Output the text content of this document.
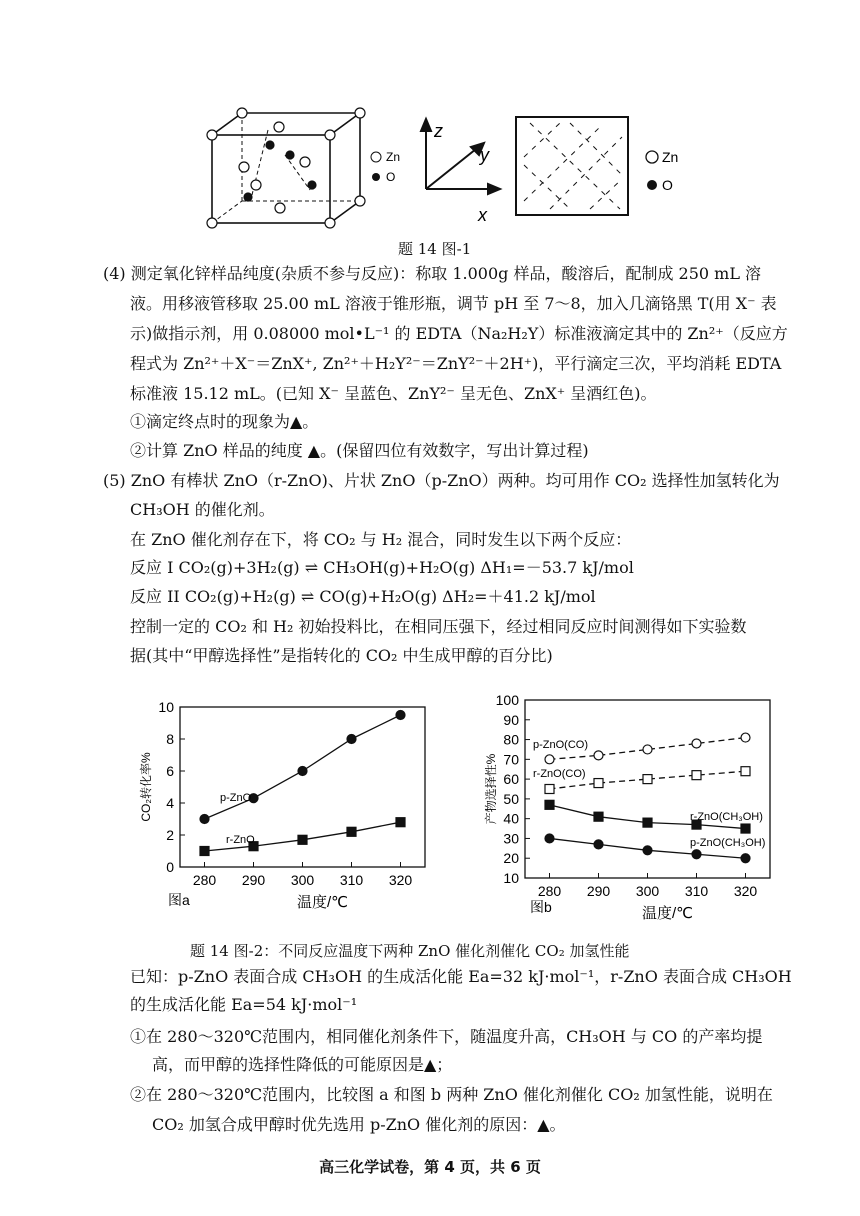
Zn
O
z
y
x
Zn
O
题 14 图-1
(4) 测定氧化锌样品纯度(杂质不参与反应)：称取 1.000g 样品，酸溶后，配制成 250 mL 溶
液。用移液管移取 25.00 mL 溶液于锥形瓶，调节 pH 至 7～8，加入几滴铬黑 T(用 X⁻ 表
示)做指示剂，用 0.08000 mol•L⁻¹ 的 EDTA（Na₂H₂Y）标准液滴定其中的 Zn²⁺（反应方
程式为 Zn²⁺＋X⁻＝ZnX⁺, Zn²⁺＋H₂Y²⁻＝ZnY²⁻＋2H⁺)，平行滴定三次，平均消耗 EDTA
标准液 15.12 mL。(已知 X⁻ 呈蓝色、ZnY²⁻ 呈无色、ZnX⁺ 呈酒红色)。
①滴定终点时的现象为▲。
②计算 ZnO 样品的纯度 ▲。(保留四位有效数字，写出计算过程)
(5) ZnO 有棒状 ZnO（r-ZnO)、片状 ZnO（p-ZnO）两种。均可用作 CO₂ 选择性加氢转化为
CH₃OH 的催化剂。
在 ZnO 催化剂存在下，将 CO₂ 与 H₂ 混合，同时发生以下两个反应：
反应 I CO₂(g)+3H₂(g) ⇌ CH₃OH(g)+H₂O(g) ΔH₁=－53.7 kJ/mol
反应 II CO₂(g)+H₂(g) ⇌ CO(g)+H₂O(g) ΔH₂=＋41.2 kJ/mol
控制一定的 CO₂ 和 H₂ 初始投料比，在相同压强下，经过相同反应时间测得如下实验数
据(其中“甲醇选择性”是指转化的 CO₂ 中生成甲醇的百分比)
0
2
4
6
8
10
280 290 300 310 320
CO₂转化率%
温度/℃
图a
p-ZnO
r-ZnO
10
20
30
40
50
60
70
80
90
100
280 290 300 310 320
产物选择性%
温度/℃
图b
p-ZnO(CO)
r-ZnO(CO)
r-ZnO(CH₃OH)
p-ZnO(CH₃OH)
题 14 图-2：不同反应温度下两种 ZnO 催化剂催化 CO₂ 加氢性能
已知：p-ZnO 表面合成 CH₃OH 的生成活化能 Ea=32 kJ·mol⁻¹，r-ZnO 表面合成 CH₃OH
的生成活化能 Ea=54 kJ·mol⁻¹
①在 280～320℃范围内，相同催化剂条件下，随温度升高，CH₃OH 与 CO 的产率均提
高，而甲醇的选择性降低的可能原因是▲；
②在 280～320℃范围内，比较图 a 和图 b 两种 ZnO 催化剂催化 CO₂ 加氢性能，说明在
CO₂ 加氢合成甲醇时优先选用 p-ZnO 催化剂的原因：▲。
高三化学试卷，第 4 页，共 6 页
